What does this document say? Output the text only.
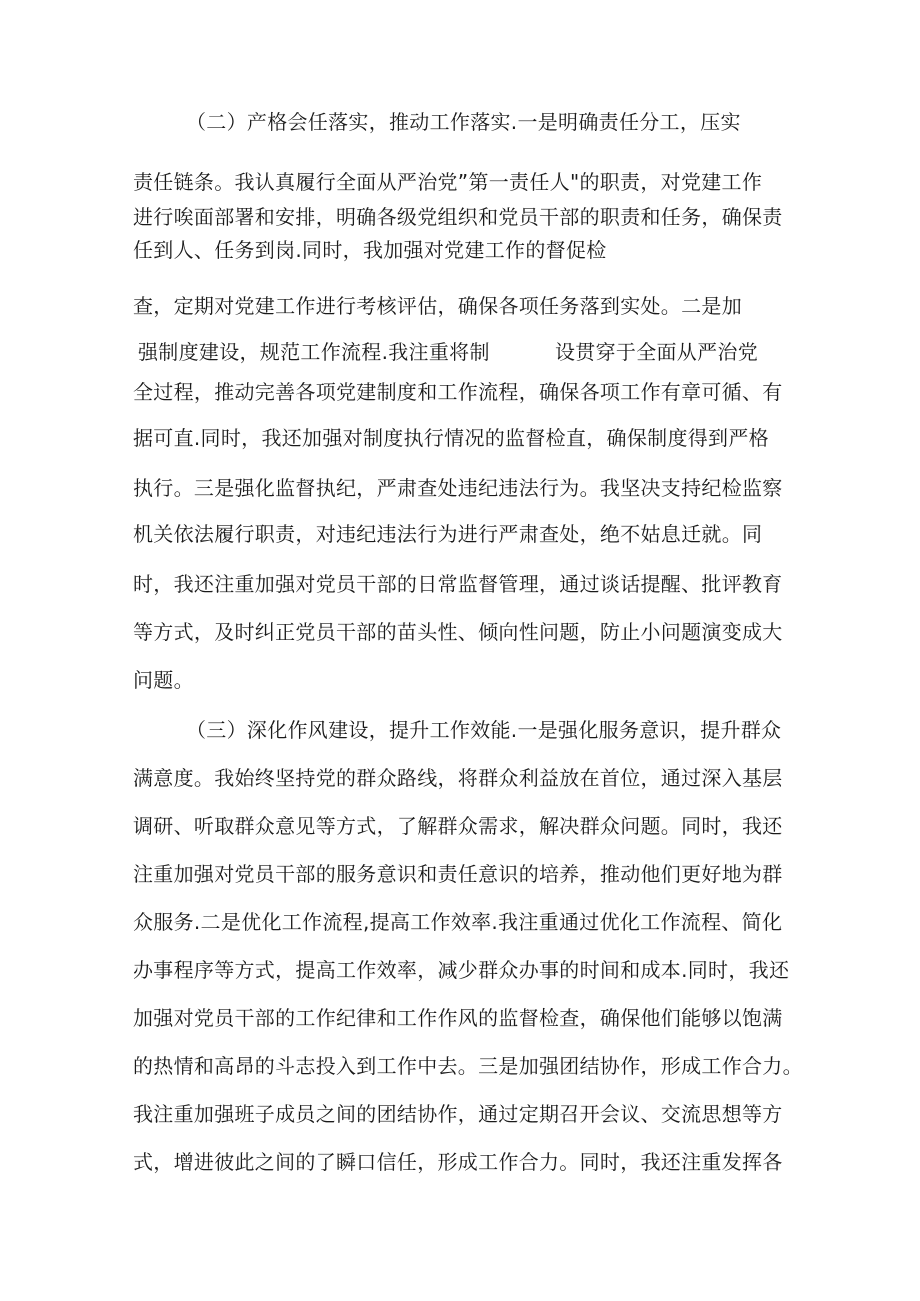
（二）产格会任落实，推动工作落实.一是明确责任分工，压实
责任链条。我认真履行全面从严治党”第一责任人"的职责，对党建工作
进行唉面部署和安排，明确各级党组织和党员干部的职责和任务，确保责
任到人、任务到岗.同时，我加强对党建工作的督促检
查，定期对党建工作进行考核评估，确保各项任务落到实处。二是加
强制度建设，规范工作流程.我注重将制	设贯穿于全面从严治党
全过程，推动完善各项党建制度和工作流程，确保各项工作有章可循、有
据可直.同时，我还加强对制度执行情况的监督检直，确保制度得到严格
执行。三是强化监督执纪，严肃查处违纪违法行为。我坚决支持纪检监察
机关依法履行职责，对违纪违法行为进行严肃查处，绝不姑息迁就。同
时，我还注重加强对党员干部的日常监督管理，通过谈话提醒、批评教育
等方式，及时纠正党员干部的苗头性、倾向性问题，防止小问题演变成大
问题。
（三）深化作风建设，提升工作效能.一是强化服务意识，提升群众
满意度。我始终坚持党的群众路线，将群众利益放在首位，通过深入基层
调研、听取群众意见等方式，了解群众需求，解决群众问题。同时，我还
注重加强对党员干部的服务意识和责任意识的培养，推动他们更好地为群
众服务.二是优化工作流程,提高工作效率.我注重通过优化工作流程、简化
办事程序等方式，提高工作效率，减少群众办事的时间和成本.同时，我还
加强对党员干部的工作纪律和工作作风的监督检查，确保他们能够以饱满
的热情和高昂的斗志投入到工作中去。三是加强团结协作，形成工作合力。
我注重加强班子成员之间的团结协作，通过定期召开会议、交流思想等方
式，增进彼此之间的了瞬口信任，形成工作合力。同时，我还注重发挥各
